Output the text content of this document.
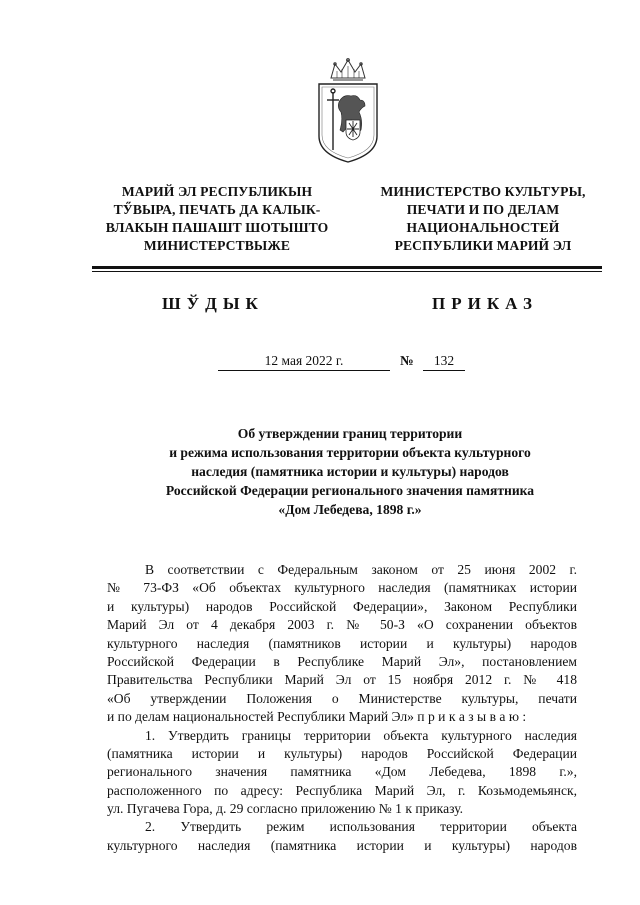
МАРИЙ ЭЛ РЕСПУБЛИКЫН
ТӲВЫРА, ПЕЧАТЬ ДА КАЛЫК-
ВЛАКЫН ПАШАШТ ШОТЫШТО
МИНИСТЕРСТВЫЖЕ
МИНИСТЕРСТВО КУЛЬТУРЫ,
ПЕЧАТИ И ПО ДЕЛАМ
НАЦИОНАЛЬНОСТЕЙ
РЕСПУБЛИКИ МАРИЙ ЭЛ
ШЎДЫК	ПРИКАЗ
12 мая 2022 г.	№	132
Об утверждении границ территории
и режима использования территории объекта культурного
наследия (памятника истории и культуры) народов
Российской Федерации регионального значения памятника
«Дом Лебедева, 1898 г.»
В соответствии с Федеральным законом от 25 июня 2002 г.
№ 73-ФЗ «Об объектах культурного наследия (памятниках истории
и культуры) народов Российской Федерации», Законом Республики
Марий Эл от 4 декабря 2003 г. № 50-З «О сохранении объектов
культурного наследия (памятников истории и культуры) народов
Российской Федерации в Республике Марий Эл», постановлением
Правительства Республики Марий Эл от 15 ноября 2012 г. № 418
«Об утверждении Положения о Министерстве культуры, печати
и по делам национальностей Республики Марий Эл» п р и к а з ы в а ю :
1. Утвердить границы территории объекта культурного наследия
(памятника истории и культуры) народов Российской Федерации
регионального значения памятника «Дом Лебедева, 1898 г.»,
расположенного по адресу: Республика Марий Эл, г. Козьмодемьянск,
ул. Пугачева Гора, д. 29 согласно приложению № 1 к приказу.
2. Утвердить режим использования территории объекта
культурного наследия (памятника истории и культуры) народов
